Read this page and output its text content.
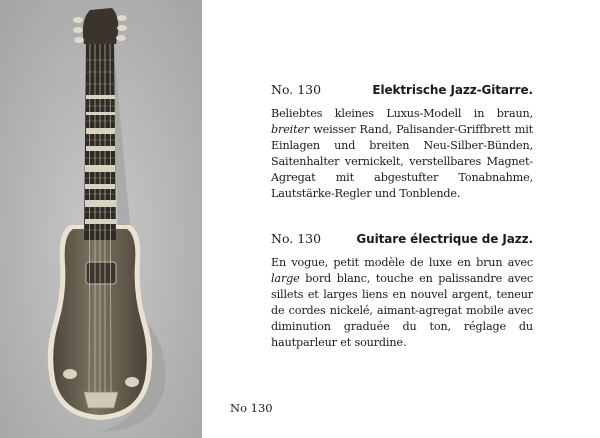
No. 130	Elektrische Jazz-Gitarre.
Beliebtes kleines Luxus-Modell in braun, breiter weisser Rand, Palisander-Griffbrett mit Einlagen und breiten Neu-Silber-Bünden, Saitenhalter vernickelt, verstellbares Magnet-Agregat mit abgestufter Tonabnahme, Lautstärke-Regler und Tonblende.
No. 130	Guitare électrique de Jazz.
En vogue, petit modèle de luxe en brun avec large bord blanc, touche en palissandre avec sillets et larges liens en nouvel argent, teneur de cordes nickelé, aimant-agregat mobile avec diminution graduée du ton, réglage du hautparleur et sourdine.
No 130
